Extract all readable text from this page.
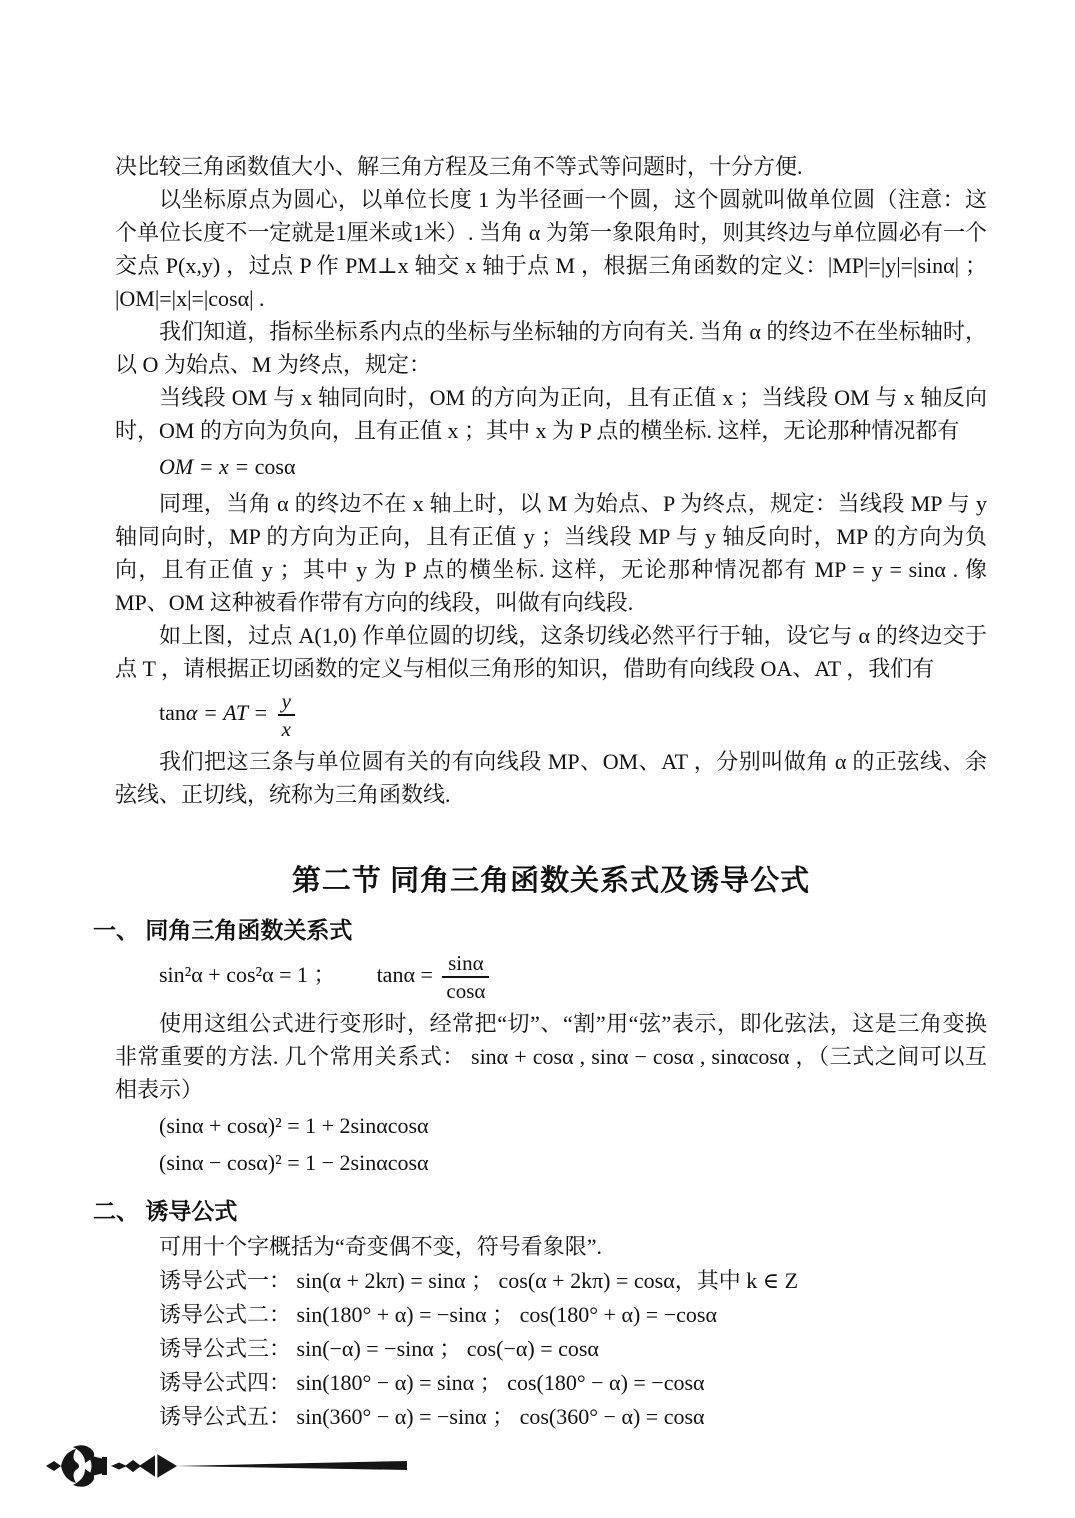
决比较三角函数值大小、解三角方程及三角不等式等问题时，十分方便.

以坐标原点为圆心，以单位长度 1 为半径画一个圆，这个圆就叫做单位圆（注意：这个单位长度不一定就是1厘米或1米）. 当角 α 为第一象限角时，则其终边与单位圆必有一个交点 P(x,y) ，过点 P 作 PM⊥x 轴交 x 轴于点 M ，根据三角函数的定义：|MP|=|y|=|sinα| ； |OM|=|x|=|cosα| .

我们知道，指标坐标系内点的坐标与坐标轴的方向有关. 当角 α 的终边不在坐标轴时，以 O 为始点、M 为终点，规定：

当线段 OM 与 x 轴同向时，OM 的方向为正向，且有正值 x ；当线段 OM 与 x 轴反向时，OM 的方向为负向，且有正值 x ；其中 x 为 P 点的横坐标. 这样，无论那种情况都有

OM = x = cosα

同理，当角 α 的终边不在 x 轴上时，以 M 为始点、P 为终点，规定：当线段 MP 与 y 轴同向时，MP 的方向为正向，且有正值 y ；当线段 MP 与 y 轴反向时，MP 的方向为负向，且有正值 y ；其中 y 为 P 点的横坐标. 这样，无论那种情况都有 MP = y = sinα . 像 MP、OM 这种被看作带有方向的线段，叫做有向线段.

如上图，过点 A(1,0) 作单位圆的切线，这条切线必然平行于轴，设它与 α 的终边交于点 T ，请根据正切函数的定义与相似三角形的知识，借助有向线段 OA、AT ，我们有

tanα = AT = $\frac{y}{x}$

我们把这三条与单位圆有关的有向线段 MP、OM、AT ，分别叫做角 α 的正弦线、余弦线、正切线，统称为三角函数线.

第二节 同角三角函数关系式及诱导公式
一、 同角三角函数关系式
sin²α + cos²α = 1 ； $\tan\alpha = \frac{\sin\alpha}{\cos\alpha}$

使用这组公式进行变形时，经常把“切”、“割”用“弦”表示，即化弦法，这是三角变换非常重要的方法. 几个常用关系式： sinα + cosα , sinα − cosα , sinαcosα ，（三式之间可以互相表示）

(sinα + cosα)² = 1 + 2sinαcosα
(sinα − cosα)² = 1 − 2sinαcosα
二、 诱导公式

可用十个字概括为“奇变偶不变，符号看象限”.

诱导公式一： sin(α + 2kπ) = sinα ； cos(α + 2kπ) = cosα，其中 k ∈ Z
诱导公式二： sin(180° + α) = −sinα ； cos(180° + α) = −cosα
诱导公式三： sin(−α) = −sinα ； cos(−α) = cosα
诱导公式四： sin(180° − α) = sinα ； cos(180° − α) = −cosα
诱导公式五： sin(360° − α) = −sinα ； cos(360° − α) = cosα
